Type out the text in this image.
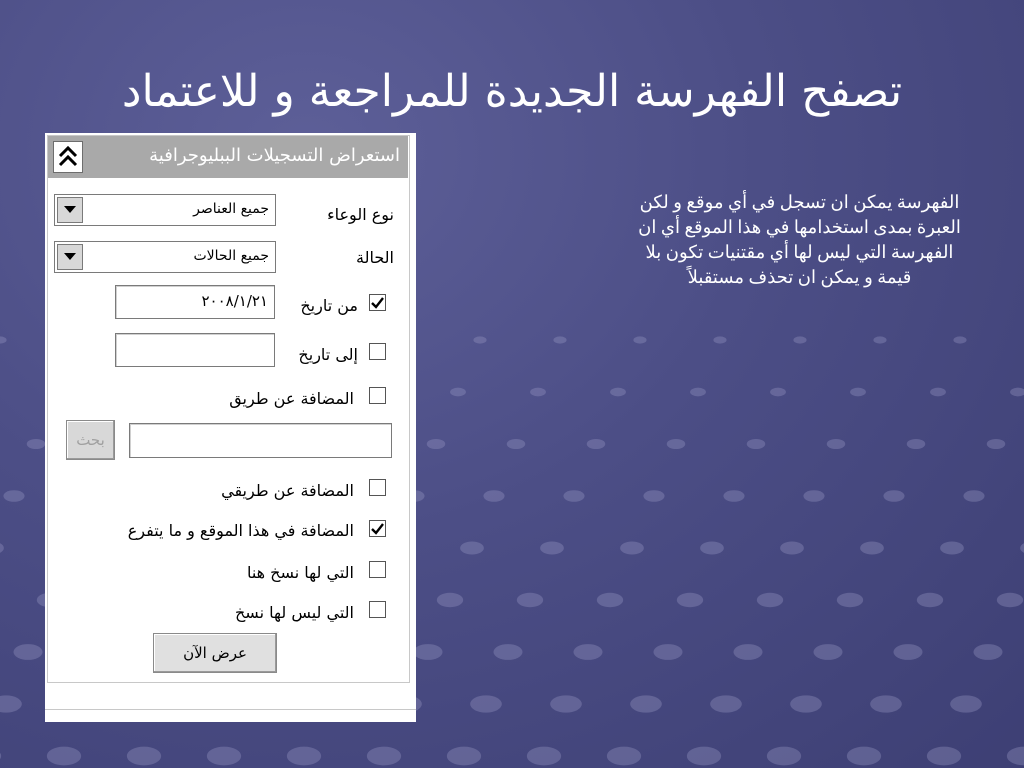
تصفح الفهرسة الجديدة للمراجعة و للاعتماد
الفهرسة يمكن ان تسجل في أي موقع و لكن
العبرة بمدى استخدامها في هذا الموقع أي ان
الفهرسة التي ليس لها أي مقتنيات تكون بلا
قيمة و يمكن ان تحذف مستقبلاً
استعراض التسجيلات الببليوجرافية
نوع الوعاء
جميع العناصر
الحالة
جميع الحالات
من تاريخ
٢٠٠٨/١/٢١
إلى تاريخ
المضافة عن طريق
بحث
المضافة عن طريقي
المضافة في هذا الموقع و ما يتفرع
التي لها نسخ هنا
التي ليس لها نسخ
عرض الآن
